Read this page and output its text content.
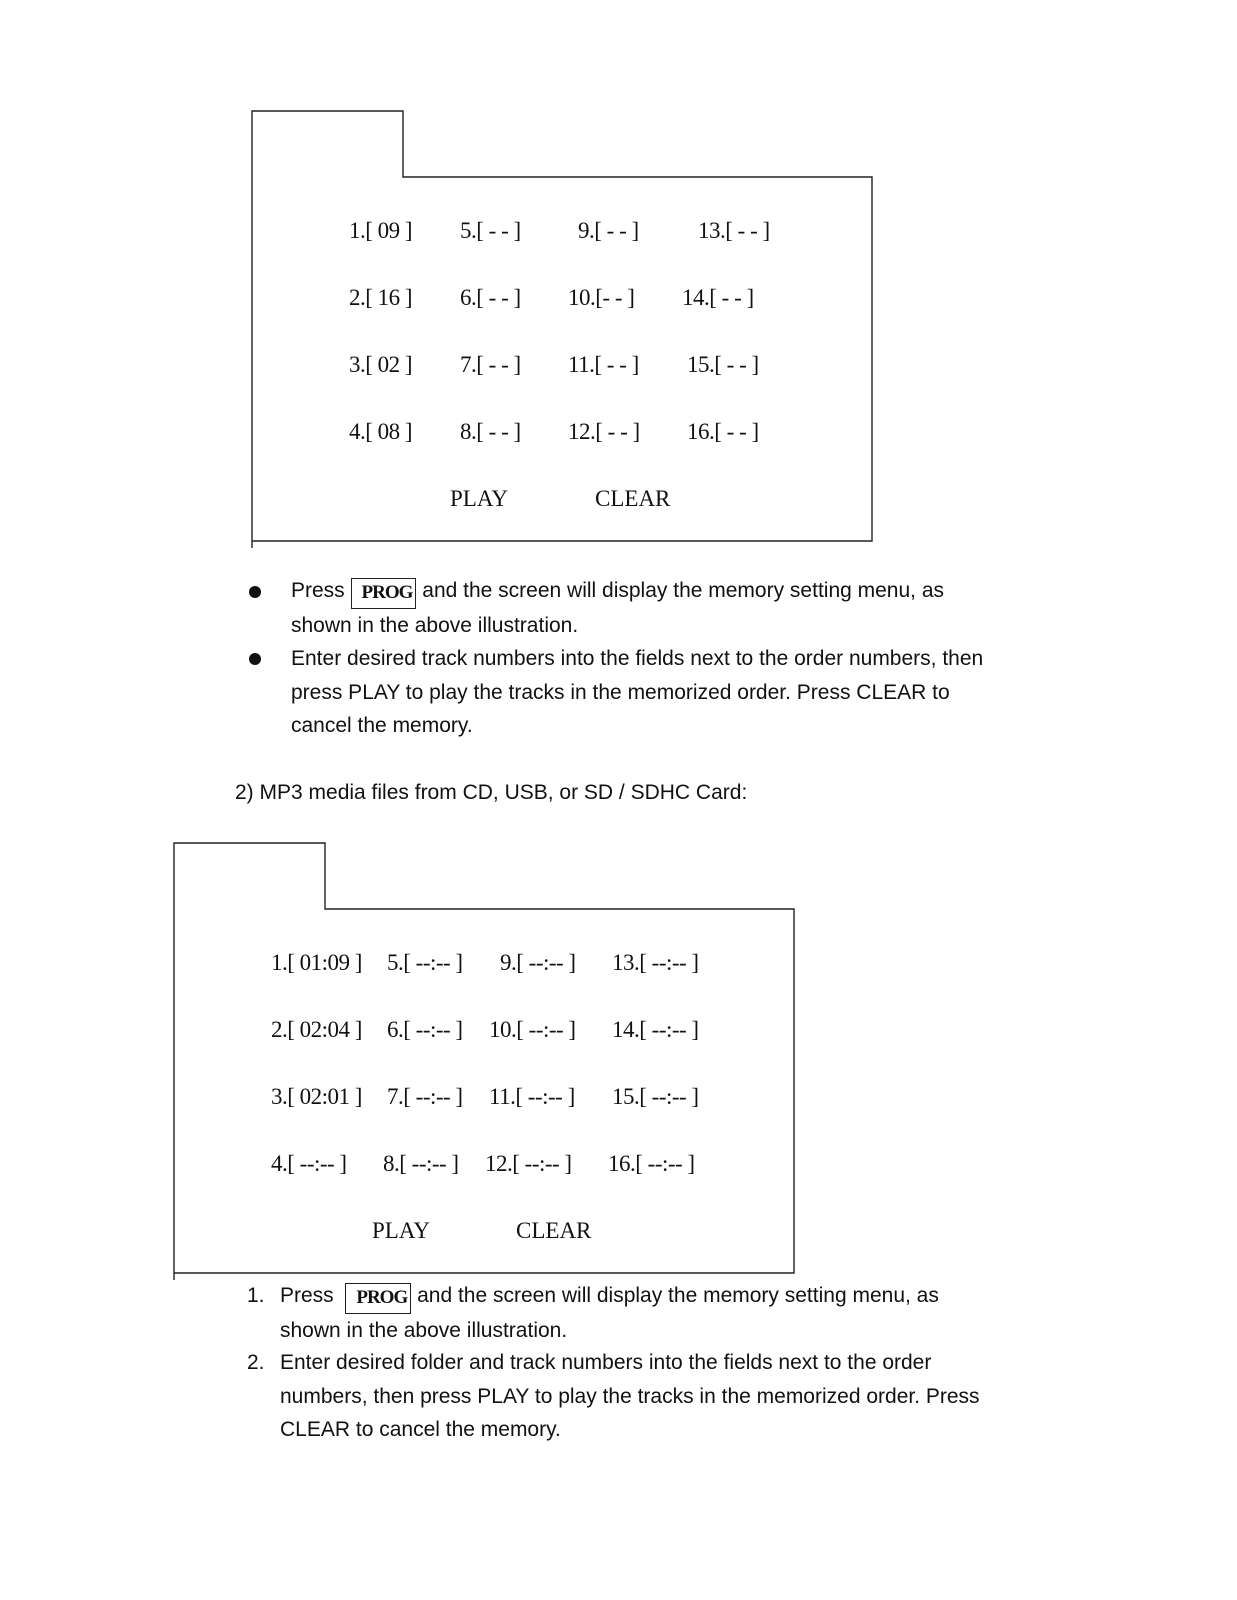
1.[ 09 ] 5.[ - - ] 9.[ - - ]	13.[ - - ]
2.[ 16 ] 6.[ - - ] 10.[- - ] 14.[ - - ]
3.[ 02 ] 7.[ - - ] 11.[ - - ] 15.[ - - ]
4.[ 08 ] 8.[ - - ] 12.[ - - ] 16.[ - - ]
PLAY	CLEAR
Press PROG and the screen will display the memory setting menu, as
shown in the above illustration.
Enter desired track numbers into the fields next to the order numbers, then
press PLAY to play the tracks in the memorized order. Press CLEAR to
cancel the memory.
2) MP3 media files from CD, USB, or SD / SDHC Card:
1.[ 01:09 ] 5.[ --:-- ] 9.[ --:-- ] 13.[ --:-- ]
2.[ 02:04 ] 6.[ --:-- ] 10.[ --:-- ] 14.[ --:-- ]
3.[ 02:01 ] 7.[ --:-- ] 11.[ --:-- ] 15.[ --:-- ]
4.[ --:-- ] 8.[ --:-- ] 12.[ --:-- ] 16.[ --:-- ]
PLAY	CLEAR
1. Press PROG and the screen will display the memory setting menu, as
shown in the above illustration.
2. Enter desired folder and track numbers into the fields next to the order
numbers, then press PLAY to play the tracks in the memorized order. Press
CLEAR to cancel the memory.
